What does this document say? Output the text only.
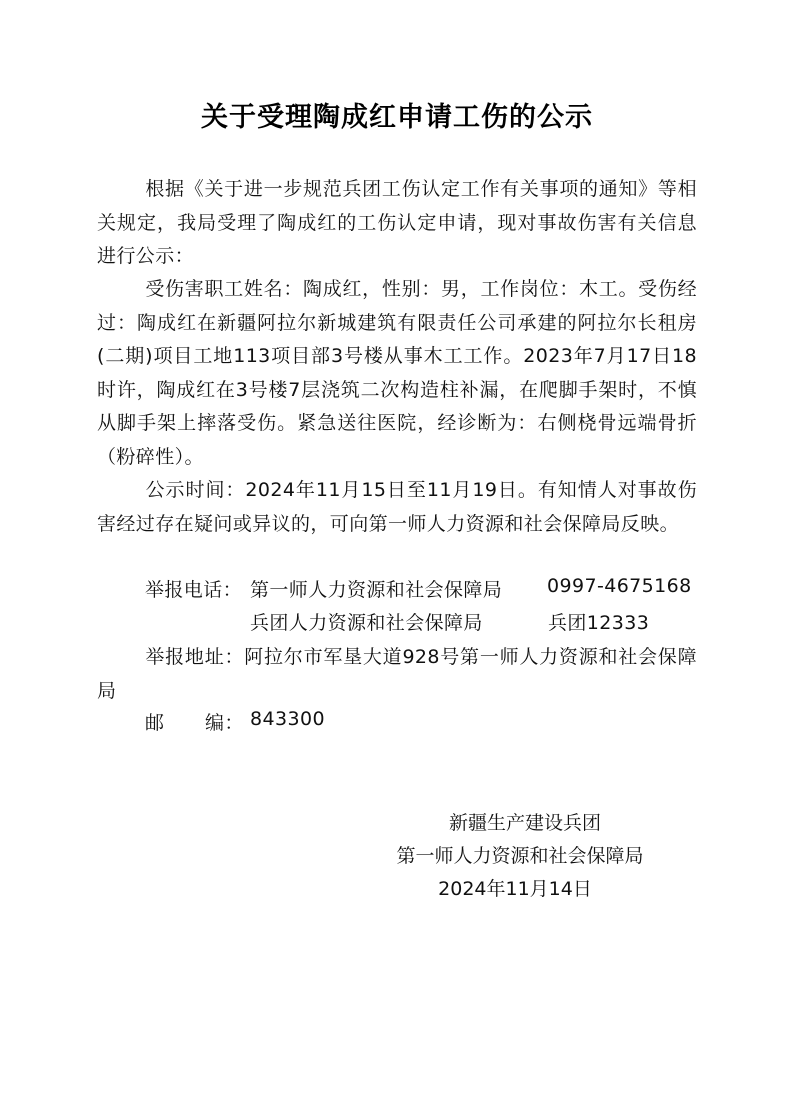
关于受理陶成红申请工伤的公示
根据《关于进一步规范兵团工伤认定工作有关事项的通知》等相关规定，我局受理了陶成红的工伤认定申请，现对事故伤害有关信息进行公示：
受伤害职工姓名：陶成红，性别：男，工作岗位：木工。受伤经过：陶成红在新疆阿拉尔新城建筑有限责任公司承建的阿拉尔长租房(二期)项目工地113项目部3号楼从事木工工作。2023年7月17日18时许，陶成红在3号楼7层浇筑二次构造柱补漏，在爬脚手架时，不慎从脚手架上摔落受伤。紧急送往医院，经诊断为：右侧桡骨远端骨折（粉碎性）。
公示时间：2024年11月15日至11月19日。有知情人对事故伤害经过存在疑问或异议的，可向第一师人力资源和社会保障局反映。
举报电话： 第一师人力资源和社会保障局 0997-4675168
兵团人力资源和社会保障局	兵团12333
举报地址：阿拉尔市军垦大道928号第一师人力资源和社会保障局
邮 编： 843300
新疆生产建设兵团
第一师人力资源和社会保障局
2024年11月14日
